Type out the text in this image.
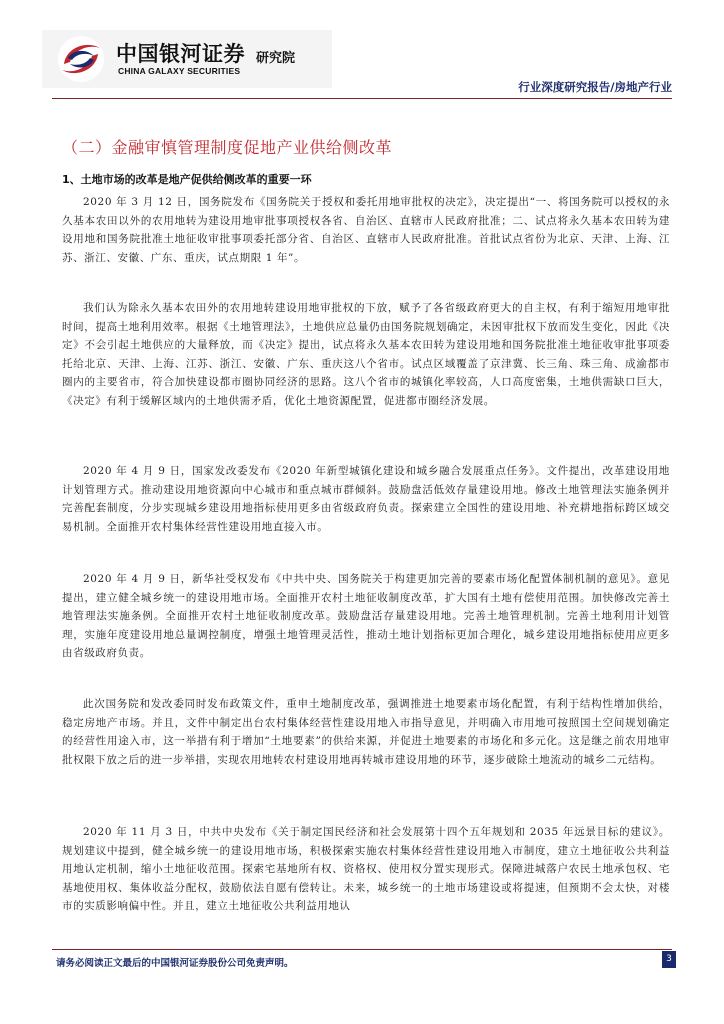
中国银河证券
CHINA GALAXY SECURITIES
研究院
行业深度研究报告/房地产行业
（二）金融审慎管理制度促地产业供给侧改革
1、土地市场的改革是地产促供给侧改革的重要一环

2020 年 3 月 12 日，国务院发布《国务院关于授权和委托用地审批权的决定》，决定提出“一、将国务院可以授权的永久基本农田以外的农用地转为建设用地审批事项授权各省、自治区、直辖市人民政府批准；二、试点将永久基本农田转为建设用地和国务院批准土地征收审批事项委托部分省、自治区、直辖市人民政府批准。首批试点省份为北京、天津、上海、江苏、浙江、安徽、广东、重庆，试点期限 1 年”。

我们认为除永久基本农田外的农用地转建设用地审批权的下放，赋予了各省级政府更大的自主权，有利于缩短用地审批时间，提高土地利用效率。根据《土地管理法》，土地供应总量仍由国务院规划确定，未因审批权下放而发生变化，因此《决定》不会引起土地供应的大量释放，而《决定》提出，试点将永久基本农田转为建设用地和国务院批准土地征收审批事项委托给北京、天津、上海、江苏、浙江、安徽、广东、重庆这八个省市。试点区域覆盖了京津冀、长三角、珠三角、成渝都市圈内的主要省市，符合加快建设都市圈协同经济的思路。这八个省市的城镇化率较高，人口高度密集，土地供需缺口巨大，《决定》有利于缓解区域内的土地供需矛盾，优化土地资源配置，促进都市圈经济发展。

2020 年 4 月 9 日，国家发改委发布《2020 年新型城镇化建设和城乡融合发展重点任务》。文件提出，改革建设用地计划管理方式。推动建设用地资源向中心城市和重点城市群倾斜。鼓励盘活低效存量建设用地。修改土地管理法实施条例并完善配套制度，分步实现城乡建设用地指标使用更多由省级政府负责。探索建立全国性的建设用地、补充耕地指标跨区域交易机制。全面推开农村集体经营性建设用地直接入市。

2020 年 4 月 9 日，新华社受权发布《中共中央、国务院关于构建更加完善的要素市场化配置体制机制的意见》。意见提出，建立健全城乡统一的建设用地市场。全面推开农村土地征收制度改革，扩大国有土地有偿使用范围。加快修改完善土地管理法实施条例。全面推开农村土地征收制度改革。鼓励盘活存量建设用地。完善土地管理机制。完善土地利用计划管理，实施年度建设用地总量调控制度，增强土地管理灵活性，推动土地计划指标更加合理化，城乡建设用地指标使用应更多由省级政府负责。

此次国务院和发改委同时发布政策文件，重申土地制度改革，强调推进土地要素市场化配置，有利于结构性增加供给，稳定房地产市场。并且，文件中制定出台农村集体经营性建设用地入市指导意见，并明确入市用地可按照国土空间规划确定的经营性用途入市，这一举措有利于增加“土地要素”的供给来源，并促进土地要素的市场化和多元化。这是继之前农用地审批权限下放之后的进一步举措，实现农用地转农村建设用地再转城市建设用地的环节，逐步破除土地流动的城乡二元结构。

2020 年 11 月 3 日，中共中央发布《关于制定国民经济和社会发展第十四个五年规划和 2035 年远景目标的建议》。规划建议中提到，健全城乡统一的建设用地市场，积极探索实施农村集体经营性建设用地入市制度，建立土地征收公共利益用地认定机制，缩小土地征收范围。探索宅基地所有权、资格权、使用权分置实现形式。保障进城落户农民土地承包权、宅基地使用权、集体收益分配权，鼓励依法自愿有偿转让。未来，城乡统一的土地市场建设或将提速，但预期不会太快，对楼市的实质影响偏中性。并且，建立土地征收公共利益用地认

请务必阅读正文最后的中国银河证券股份公司免责声明。	3
